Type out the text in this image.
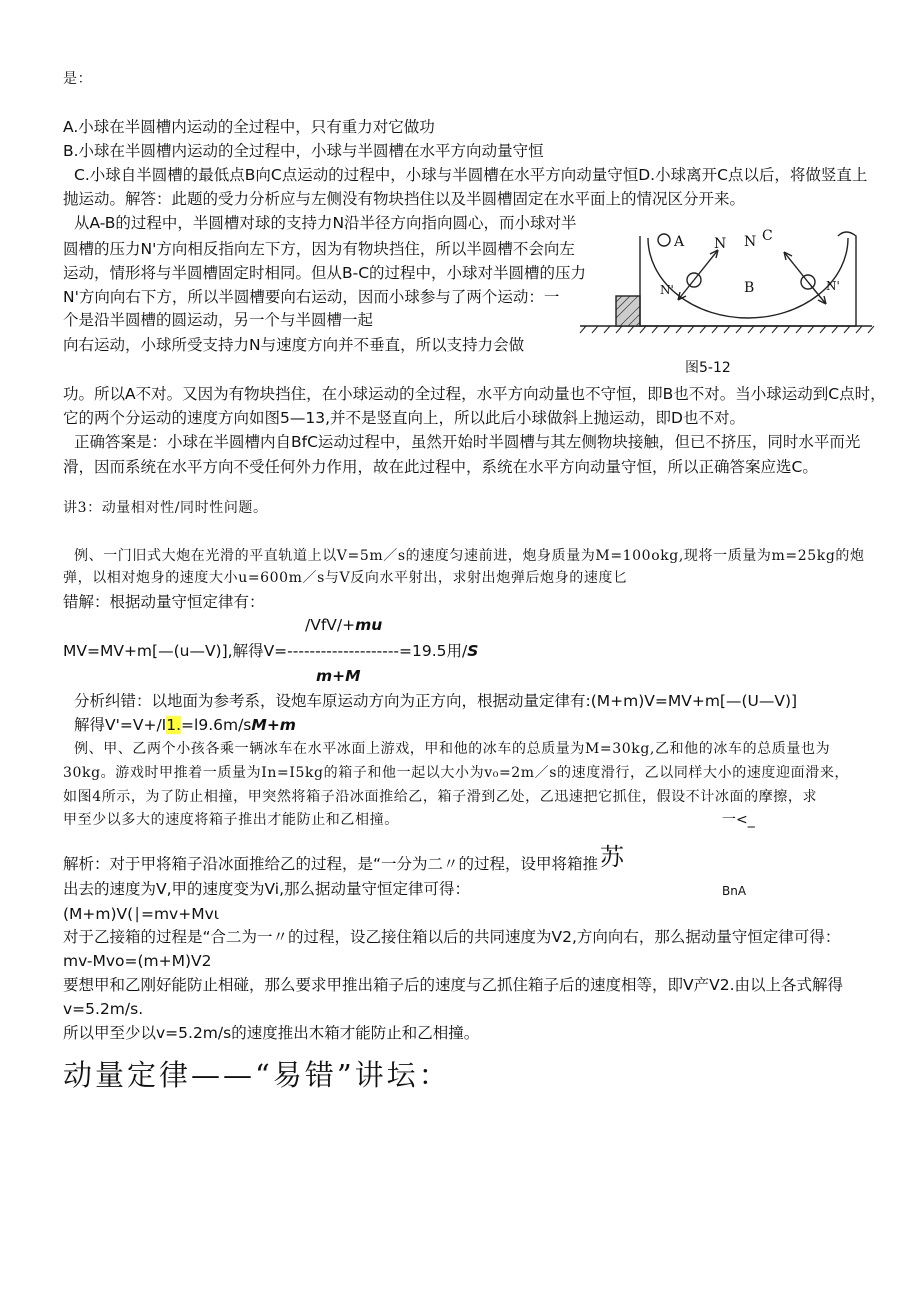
是：
A.小球在半圆槽内运动的全过程中，只有重力对它做功
B.小球在半圆槽内运动的全过程中，小球与半圆槽在水平方向动量守恒
C.小球自半圆槽的最低点B向C点运动的过程中，小球与半圆槽在水平方向动量守恒D.小球离开C点以后，将做竖直上
抛运动。解答：此题的受力分析应与左侧没有物块挡住以及半圆槽固定在水平面上的情况区分开来。
从A-B的过程中，半圆槽对球的支持力N沿半径方向指向圆心，而小球对半
圆槽的压力N'方向相反指向左下方，因为有物块挡住，所以半圆槽不会向左
运动，情形将与半圆槽固定时相同。但从B-C的过程中，小球对半圆槽的压力
N'方向向右下方，所以半圆槽要向右运动，因而小球参与了两个运动：一
个是沿半圆槽的圆运动，另一个与半圆槽一起
向右运动，小球所受支持力N与速度方向并不垂直，所以支持力会做
A N N C
B
N'	N'
图5-12
功。所以A不对。又因为有物块挡住，在小球运动的全过程，水平方向动量也不守恒，即B也不对。当小球运动到C点时，
它的两个分运动的速度方向如图5—13,并不是竖直向上，所以此后小球做斜上抛运动，即D也不对。
正确答案是：小球在半圆槽内自BfC运动过程中，虽然开始时半圆槽与其左侧物块接触，但已不挤压，同时水平而光
滑，因而系统在水平方向不受任何外力作用，故在此过程中，系统在水平方向动量守恒，所以正确答案应选C。
讲3：动量相对性/同时性问题。
例、一门旧式大炮在光滑的平直轨道上以V=5m／s的速度匀速前进，炮身质量为M=100okg,现将一质量为m=25kg的炮
弹，以相对炮身的速度大小u=600m／s与V反向水平射出，求射出炮弹后炮身的速度匕
错解：根据动量守恒定律有：
/VfV/+mu
MV=MV+m[—(u—V)],解得V=--------------------=19.5用/S
m+M
分析纠错：以地面为参考系，设炮车原运动方向为正方向，根据动量定律有:(M+m)V=MV+m[—(U—V)]
解得V'=V+/I1.=l9.6m∕sM+m
例、甲、乙两个小孩各乘一辆冰车在水平冰面上游戏，甲和他的冰车的总质量为M=30kg,乙和他的冰车的总质量也为
30kg。游戏时甲推着一质量为In=I5kg的箱子和他一起以大小为v₀=2m／s的速度滑行，乙以同样大小的速度迎面滑来，
如图4所示，为了防止相撞，甲突然将箱子沿冰面推给乙，箱子滑到乙处，乙迅速把它抓住，假设不计冰面的摩擦，求
甲至少以多大的速度将箱子推出才能防止和乙相撞。	一<_
解析：对于甲将箱子沿冰面推给乙的过程，是“一分为二〃的过程，设甲将箱推 苏
出去的速度为V,甲的速度变为Vi,那么据动量守恒定律可得：	BnA
(M+m)V(∣=mv+Mvι
对于乙接箱的过程是“合二为一〃的过程，设乙接住箱以后的共同速度为V2,方向向右，那么据动量守恒定律可得：
mv-Mvo=(m+M)V2
要想甲和乙刚好能防止相碰，那么要求甲推出箱子后的速度与乙抓住箱子后的速度相等，即V产V2.由以上各式解得
v=5.2m∕s.
所以甲至少以v=5.2m∕s的速度推出木箱才能防止和乙相撞。
动量定律——“易错”讲坛：
